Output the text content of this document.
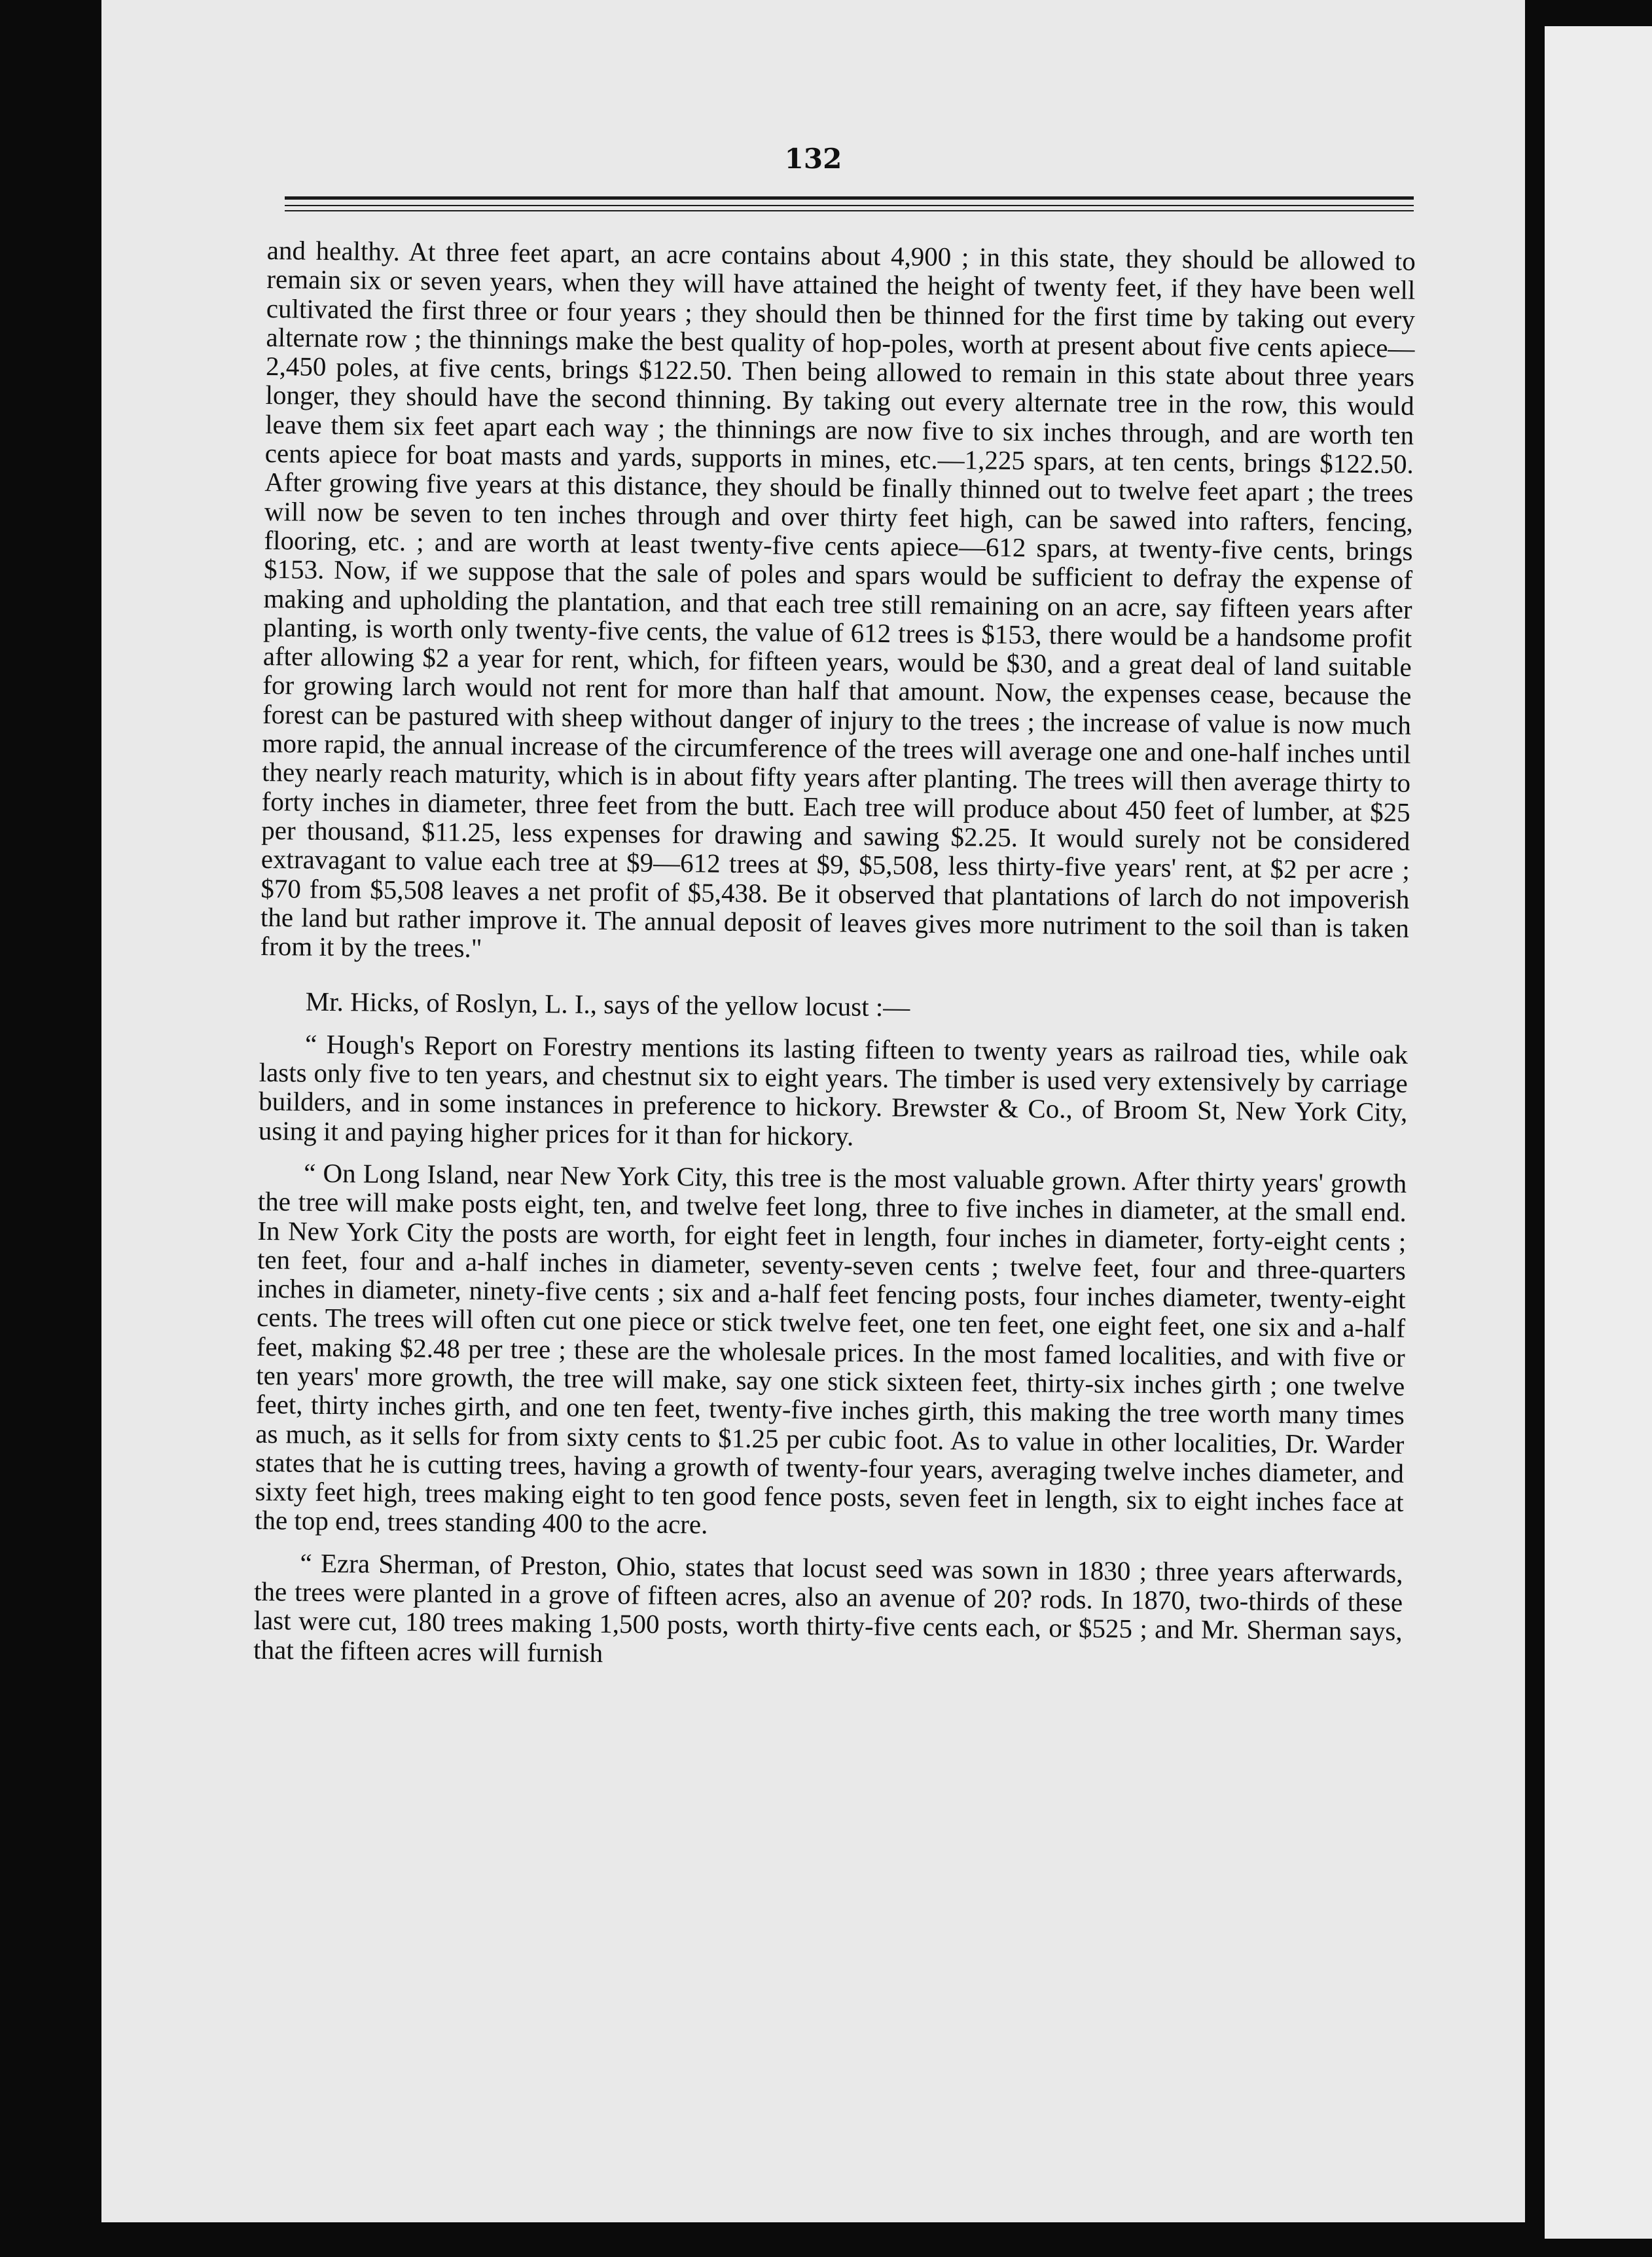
132

and healthy. At three feet apart, an acre contains about 4,900 ; in this state, they should be allowed to remain six or seven years, when they will have attained the height of twenty feet, if they have been well cultivated the first three or four years ; they should then be thinned for the first time by taking out every alternate row ; the thinnings make the best quality of hop-poles, worth at present about five cents apiece—2,450 poles, at five cents, brings $122.50. Then being allowed to remain in this state about three years longer, they should have the second thinning. By taking out every alternate tree in the row, this would leave them six feet apart each way ; the thinnings are now five to six inches through, and are worth ten cents apiece for boat masts and yards, supports in mines, etc.—1,225 spars, at ten cents, brings $122.50. After growing five years at this distance, they should be finally thinned out to twelve feet apart ; the trees will now be seven to ten inches through and over thirty feet high, can be sawed into rafters, fencing, flooring, etc. ; and are worth at least twenty-five cents apiece—612 spars, at twenty-five cents, brings $153. Now, if we suppose that the sale of poles and spars would be sufficient to defray the expense of making and upholding the plantation, and that each tree still remaining on an acre, say fifteen years after planting, is worth only twenty-five cents, the value of 612 trees is $153, there would be a handsome profit after allowing $2 a year for rent, which, for fifteen years, would be $30, and a great deal of land suitable for growing larch would not rent for more than half that amount. Now, the expenses cease, because the forest can be pastured with sheep without danger of injury to the trees ; the increase of value is now much more rapid, the annual increase of the circumference of the trees will average one and one-half inches until they nearly reach maturity, which is in about fifty years after planting. The trees will then average thirty to forty inches in diameter, three feet from the butt. Each tree will produce about 450 feet of lumber, at $25 per thousand, $11.25, less expenses for drawing and sawing $2.25. It would surely not be considered extravagant to value each tree at $9—612 trees at $9, $5,508, less thirty-five years' rent, at $2 per acre ; $70 from $5,508 leaves a net profit of $5,438. Be it observed that plantations of larch do not impoverish the land but rather improve it. The annual deposit of leaves gives more nutriment to the soil than is taken from it by the trees."

Mr. Hicks, of Roslyn, L. I., says of the yellow locust :—

“ Hough's Report on Forestry mentions its lasting fifteen to twenty years as railroad ties, while oak lasts only five to ten years, and chestnut six to eight years. The timber is used very extensively by carriage builders, and in some instances in preference to hickory. Brewster & Co., of Broom St, New York City, using it and paying higher prices for it than for hickory.

“ On Long Island, near New York City, this tree is the most valuable grown. After thirty years' growth the tree will make posts eight, ten, and twelve feet long, three to five inches in diameter, at the small end. In New York City the posts are worth, for eight feet in length, four inches in diameter, forty-eight cents ; ten feet, four and a-half inches in diameter, seventy-seven cents ; twelve feet, four and three-quarters inches in diameter, ninety-five cents ; six and a-half feet fencing posts, four inches diameter, twenty-eight cents. The trees will often cut one piece or stick twelve feet, one ten feet, one eight feet, one six and a-half feet, making $2.48 per tree ; these are the wholesale prices. In the most famed localities, and with five or ten years' more growth, the tree will make, say one stick sixteen feet, thirty-six inches girth ; one twelve feet, thirty inches girth, and one ten feet, twenty-five inches girth, this making the tree worth many times as much, as it sells for from sixty cents to $1.25 per cubic foot. As to value in other localities, Dr. Warder states that he is cutting trees, having a growth of twenty-four years, averaging twelve inches diameter, and sixty feet high, trees making eight to ten good fence posts, seven feet in length, six to eight inches face at the top end, trees standing 400 to the acre.

“ Ezra Sherman, of Preston, Ohio, states that locust seed was sown in 1830 ; three years afterwards, the trees were planted in a grove of fifteen acres, also an avenue of 20? rods. In 1870, two-thirds of these last were cut, 180 trees making 1,500 posts, worth thirty-five cents each, or $525 ; and Mr. Sherman says, that the fifteen acres will furnish
